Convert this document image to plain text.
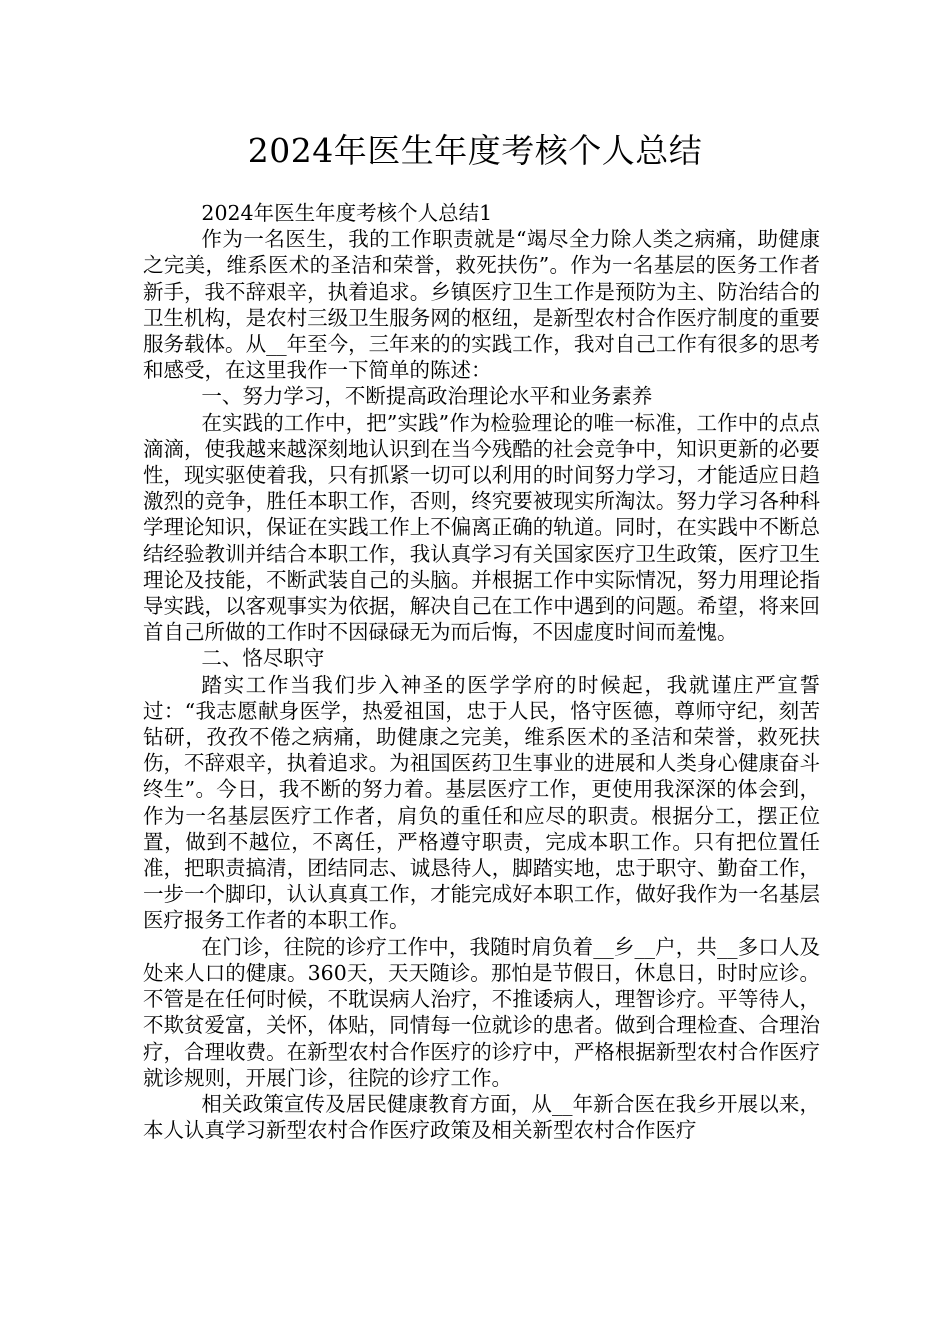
2024年医生年度考核个人总结

2024年医生年度考核个人总结1

作为一名医生，我的工作职责就是“竭尽全力除人类之病痛，助健康之完美，维系医术的圣洁和荣誉，救死扶伤”。作为一名基层的医务工作者新手，我不辞艰辛，执着追求。乡镇医疗卫生工作是预防为主、防治结合的卫生机构，是农村三级卫生服务网的枢纽，是新型农村合作医疗制度的重要服务载体。从__年至今，三年来的的实践工作，我对自己工作有很多的思考和感受，在这里我作一下简单的陈述：

一、努力学习，不断提高政治理论水平和业务素养

在实践的工作中，把”实践”作为检验理论的唯一标准，工作中的点点滴滴，使我越来越深刻地认识到在当今残酷的社会竞争中，知识更新的必要性，现实驱使着我，只有抓紧一切可以利用的时间努力学习，才能适应日趋激烈的竞争，胜任本职工作，否则，终究要被现实所淘汰。努力学习各种科学理论知识，保证在实践工作上不偏离正确的轨道。同时，在实践中不断总结经验教训并结合本职工作，我认真学习有关国家医疗卫生政策，医疗卫生理论及技能，不断武装自己的头脑。并根据工作中实际情况，努力用理论指导实践，以客观事实为依据，解决自己在工作中遇到的问题。希望，将来回首自己所做的工作时不因碌碌无为而后悔，不因虚度时间而羞愧。

二、恪尽职守

踏实工作当我们步入神圣的医学学府的时候起，我就谨庄严宣誓过：“我志愿献身医学，热爱祖国，忠于人民，恪守医德，尊师守纪，刻苦钻研，孜孜不倦之病痛，助健康之完美，维系医术的圣洁和荣誉，救死扶伤，不辞艰辛，执着追求。为祖国医药卫生事业的进展和人类身心健康奋斗终生”。今日，我不断的努力着。基层医疗工作，更使用我深深的体会到，作为一名基层医疗工作者，肩负的重任和应尽的职责。根据分工，摆正位置，做到不越位，不离任，严格遵守职责，完成本职工作。只有把位置任准，把职责搞清，团结同志、诚恳待人，脚踏实地，忠于职守、勤奋工作，一步一个脚印，认认真真工作，才能完成好本职工作，做好我作为一名基层医疗报务工作者的本职工作。

在门诊，往院的诊疗工作中，我随时肩负着__乡__户，共__多口人及处来人口的健康。360天，天天随诊。那怕是节假日，休息日，时时应诊。不管是在任何时候，不耽误病人治疗，不推诿病人，理智诊疗。平等待人，不欺贫爱富，关怀，体贴，同情每一位就诊的患者。做到合理检查、合理治疗，合理收费。在新型农村合作医疗的诊疗中，严格根据新型农村合作医疗就诊规则，开展门诊，往院的诊疗工作。

相关政策宣传及居民健康教育方面，从__年新合医在我乡开展以来，本人认真学习新型农村合作医疗政策及相关新型农村合作医疗
